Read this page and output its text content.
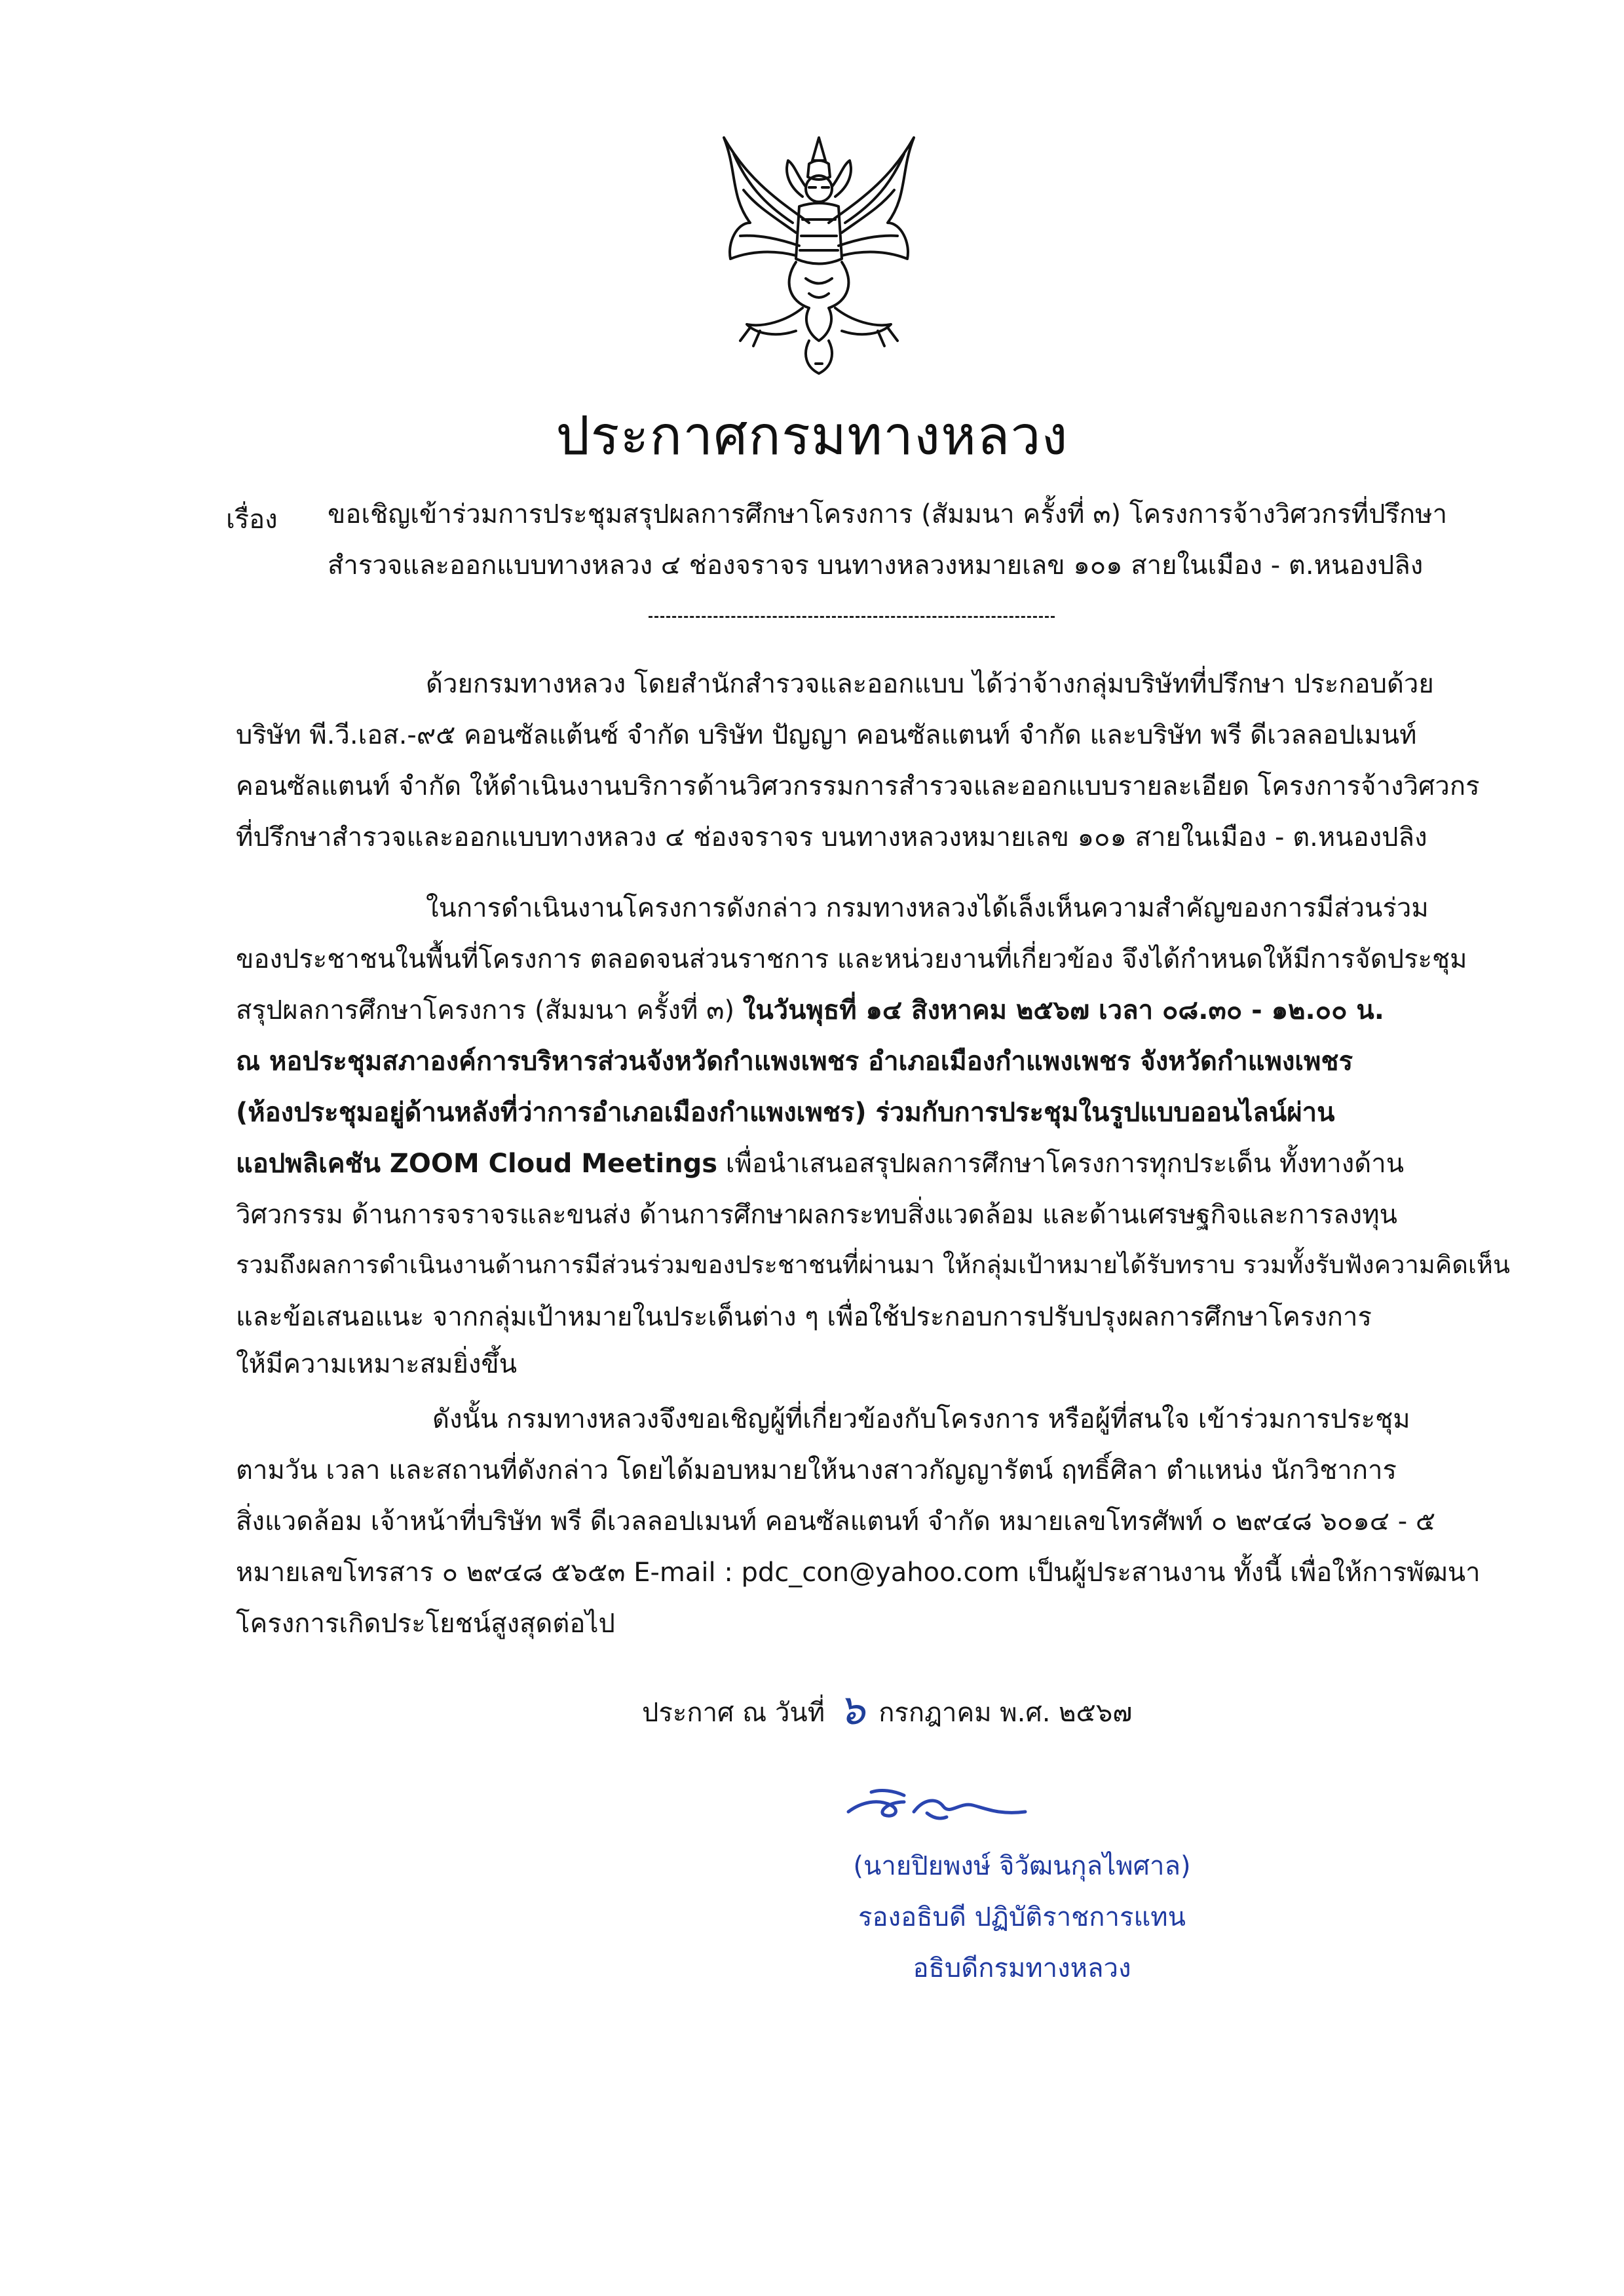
ประกาศกรมทางหลวง
เรื่อง ขอเชิญเข้าร่วมการประชุมสรุปผลการศึกษาโครงการ (สัมมนา ครั้งที่ ๓) โครงการจ้างวิศวกรที่ปรึกษา
สำรวจและออกแบบทางหลวง ๔ ช่องจราจร บนทางหลวงหมายเลข ๑๐๑ สายในเมือง - ต.หนองปลิง
ด้วยกรมทางหลวง โดยสำนักสำรวจและออกแบบ ได้ว่าจ้างกลุ่มบริษัทที่ปรึกษา ประกอบด้วย
บริษัท พี.วี.เอส.-๙๕ คอนซัลแต้นซ์ จำกัด บริษัท ปัญญา คอนซัลแตนท์ จำกัด และบริษัท พรี ดีเวลลอปเมนท์
คอนซัลแตนท์ จำกัด ให้ดำเนินงานบริการด้านวิศวกรรมการสำรวจและออกแบบรายละเอียด โครงการจ้างวิศวกร
ที่ปรึกษาสำรวจและออกแบบทางหลวง ๔ ช่องจราจร บนทางหลวงหมายเลข ๑๐๑ สายในเมือง - ต.หนองปลิง
ในการดำเนินงานโครงการดังกล่าว กรมทางหลวงได้เล็งเห็นความสำคัญของการมีส่วนร่วม
ของประชาชนในพื้นที่โครงการ ตลอดจนส่วนราชการ และหน่วยงานที่เกี่ยวข้อง จึงได้กำหนดให้มีการจัดประชุม
สรุปผลการศึกษาโครงการ (สัมมนา ครั้งที่ ๓) ในวันพุธที่ ๑๔ สิงหาคม ๒๕๖๗ เวลา ๐๘.๓๐ - ๑๒.๐๐ น.
ณ หอประชุมสภาองค์การบริหารส่วนจังหวัดกำแพงเพชร อำเภอเมืองกำแพงเพชร จังหวัดกำแพงเพชร
(ห้องประชุมอยู่ด้านหลังที่ว่าการอำเภอเมืองกำแพงเพชร) ร่วมกับการประชุมในรูปแบบออนไลน์ผ่าน
แอปพลิเคชัน ZOOM Cloud Meetings เพื่อนำเสนอสรุปผลการศึกษาโครงการทุกประเด็น ทั้งทางด้าน
วิศวกรรม ด้านการจราจรและขนส่ง ด้านการศึกษาผลกระทบสิ่งแวดล้อม และด้านเศรษฐกิจและการลงทุน
รวมถึงผลการดำเนินงานด้านการมีส่วนร่วมของประชาชนที่ผ่านมา ให้กลุ่มเป้าหมายได้รับทราบ รวมทั้งรับฟังความคิดเห็น
และข้อเสนอแนะ จากกลุ่มเป้าหมายในประเด็นต่าง ๆ เพื่อใช้ประกอบการปรับปรุงผลการศึกษาโครงการ
ให้มีความเหมาะสมยิ่งขึ้น
ดังนั้น กรมทางหลวงจึงขอเชิญผู้ที่เกี่ยวข้องกับโครงการ หรือผู้ที่สนใจ เข้าร่วมการประชุม
ตามวัน เวลา และสถานที่ดังกล่าว โดยได้มอบหมายให้นางสาวกัญญารัตน์ ฤทธิ์ศิลา ตำแหน่ง นักวิชาการ
สิ่งแวดล้อม เจ้าหน้าที่บริษัท พรี ดีเวลลอปเมนท์ คอนซัลแตนท์ จำกัด หมายเลขโทรศัพท์ ๐ ๒๙๔๘ ๖๐๑๔ - ๕
หมายเลขโทรสาร ๐ ๒๙๔๘ ๕๖๕๓ E-mail : pdc_con@yahoo.com เป็นผู้ประสานงาน ทั้งนี้ เพื่อให้การพัฒนา
โครงการเกิดประโยชน์สูงสุดต่อไป
ประกาศ ณ วันที่ ๖ กรกฎาคม พ.ศ. ๒๕๖๗
(นายปิยพงษ์ จิวัฒนกุลไพศาล)
รองอธิบดี ปฏิบัติราชการแทน
อธิบดีกรมทางหลวง
